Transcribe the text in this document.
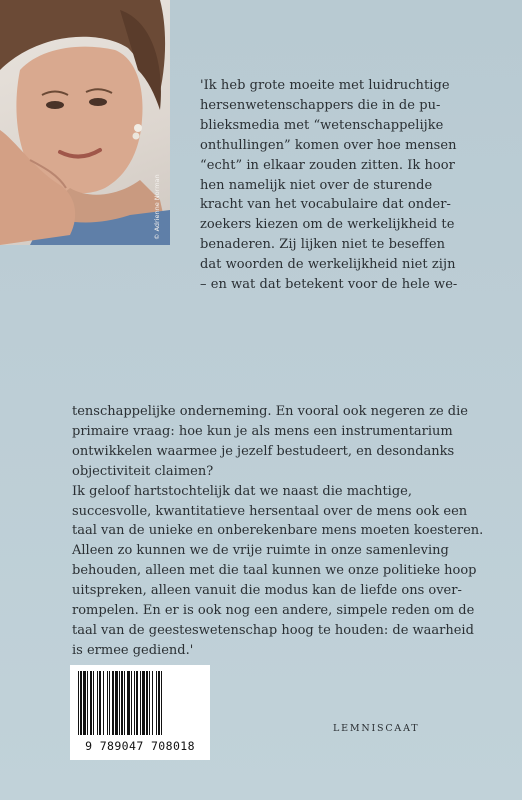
© Adrienne Norman
'Ik heb grote moeite met luidruchtige
hersenwetenschappers die in de pu-
blieksmedia met “wetenschappelijke
onthullingen” komen over hoe mensen
“echt” in elkaar zouden zitten. Ik hoor
hen namelijk niet over de sturende
kracht van het vocabulaire dat onder-
zoekers kiezen om de werkelijkheid te
benaderen. Zij lijken niet te beseffen
dat woorden de werkelijkheid niet zijn
– en wat dat betekent voor de hele we-
tenschappelijke onderneming. En vooral ook negeren ze die
primaire vraag: hoe kun je als mens een instrumentarium
ontwikkelen waarmee je jezelf bestudeert, en desondanks
objectiviteit claimen?
Ik geloof hartstochtelijk dat we naast die machtige,
succesvolle, kwantitatieve hersentaal over de mens ook een
taal van de unieke en onberekenbare mens moeten koesteren.
Alleen zo kunnen we de vrije ruimte in onze samenleving
behouden, alleen met die taal kunnen we onze politieke hoop
uitspreken, alleen vanuit die modus kan de liefde ons over-
rompelen. En er is ook nog een andere, simpele reden om de
taal van de geesteswetenschap hoog te houden: de waarheid
is ermee gediend.'
9 789047 708018
LEMNISCAAT
